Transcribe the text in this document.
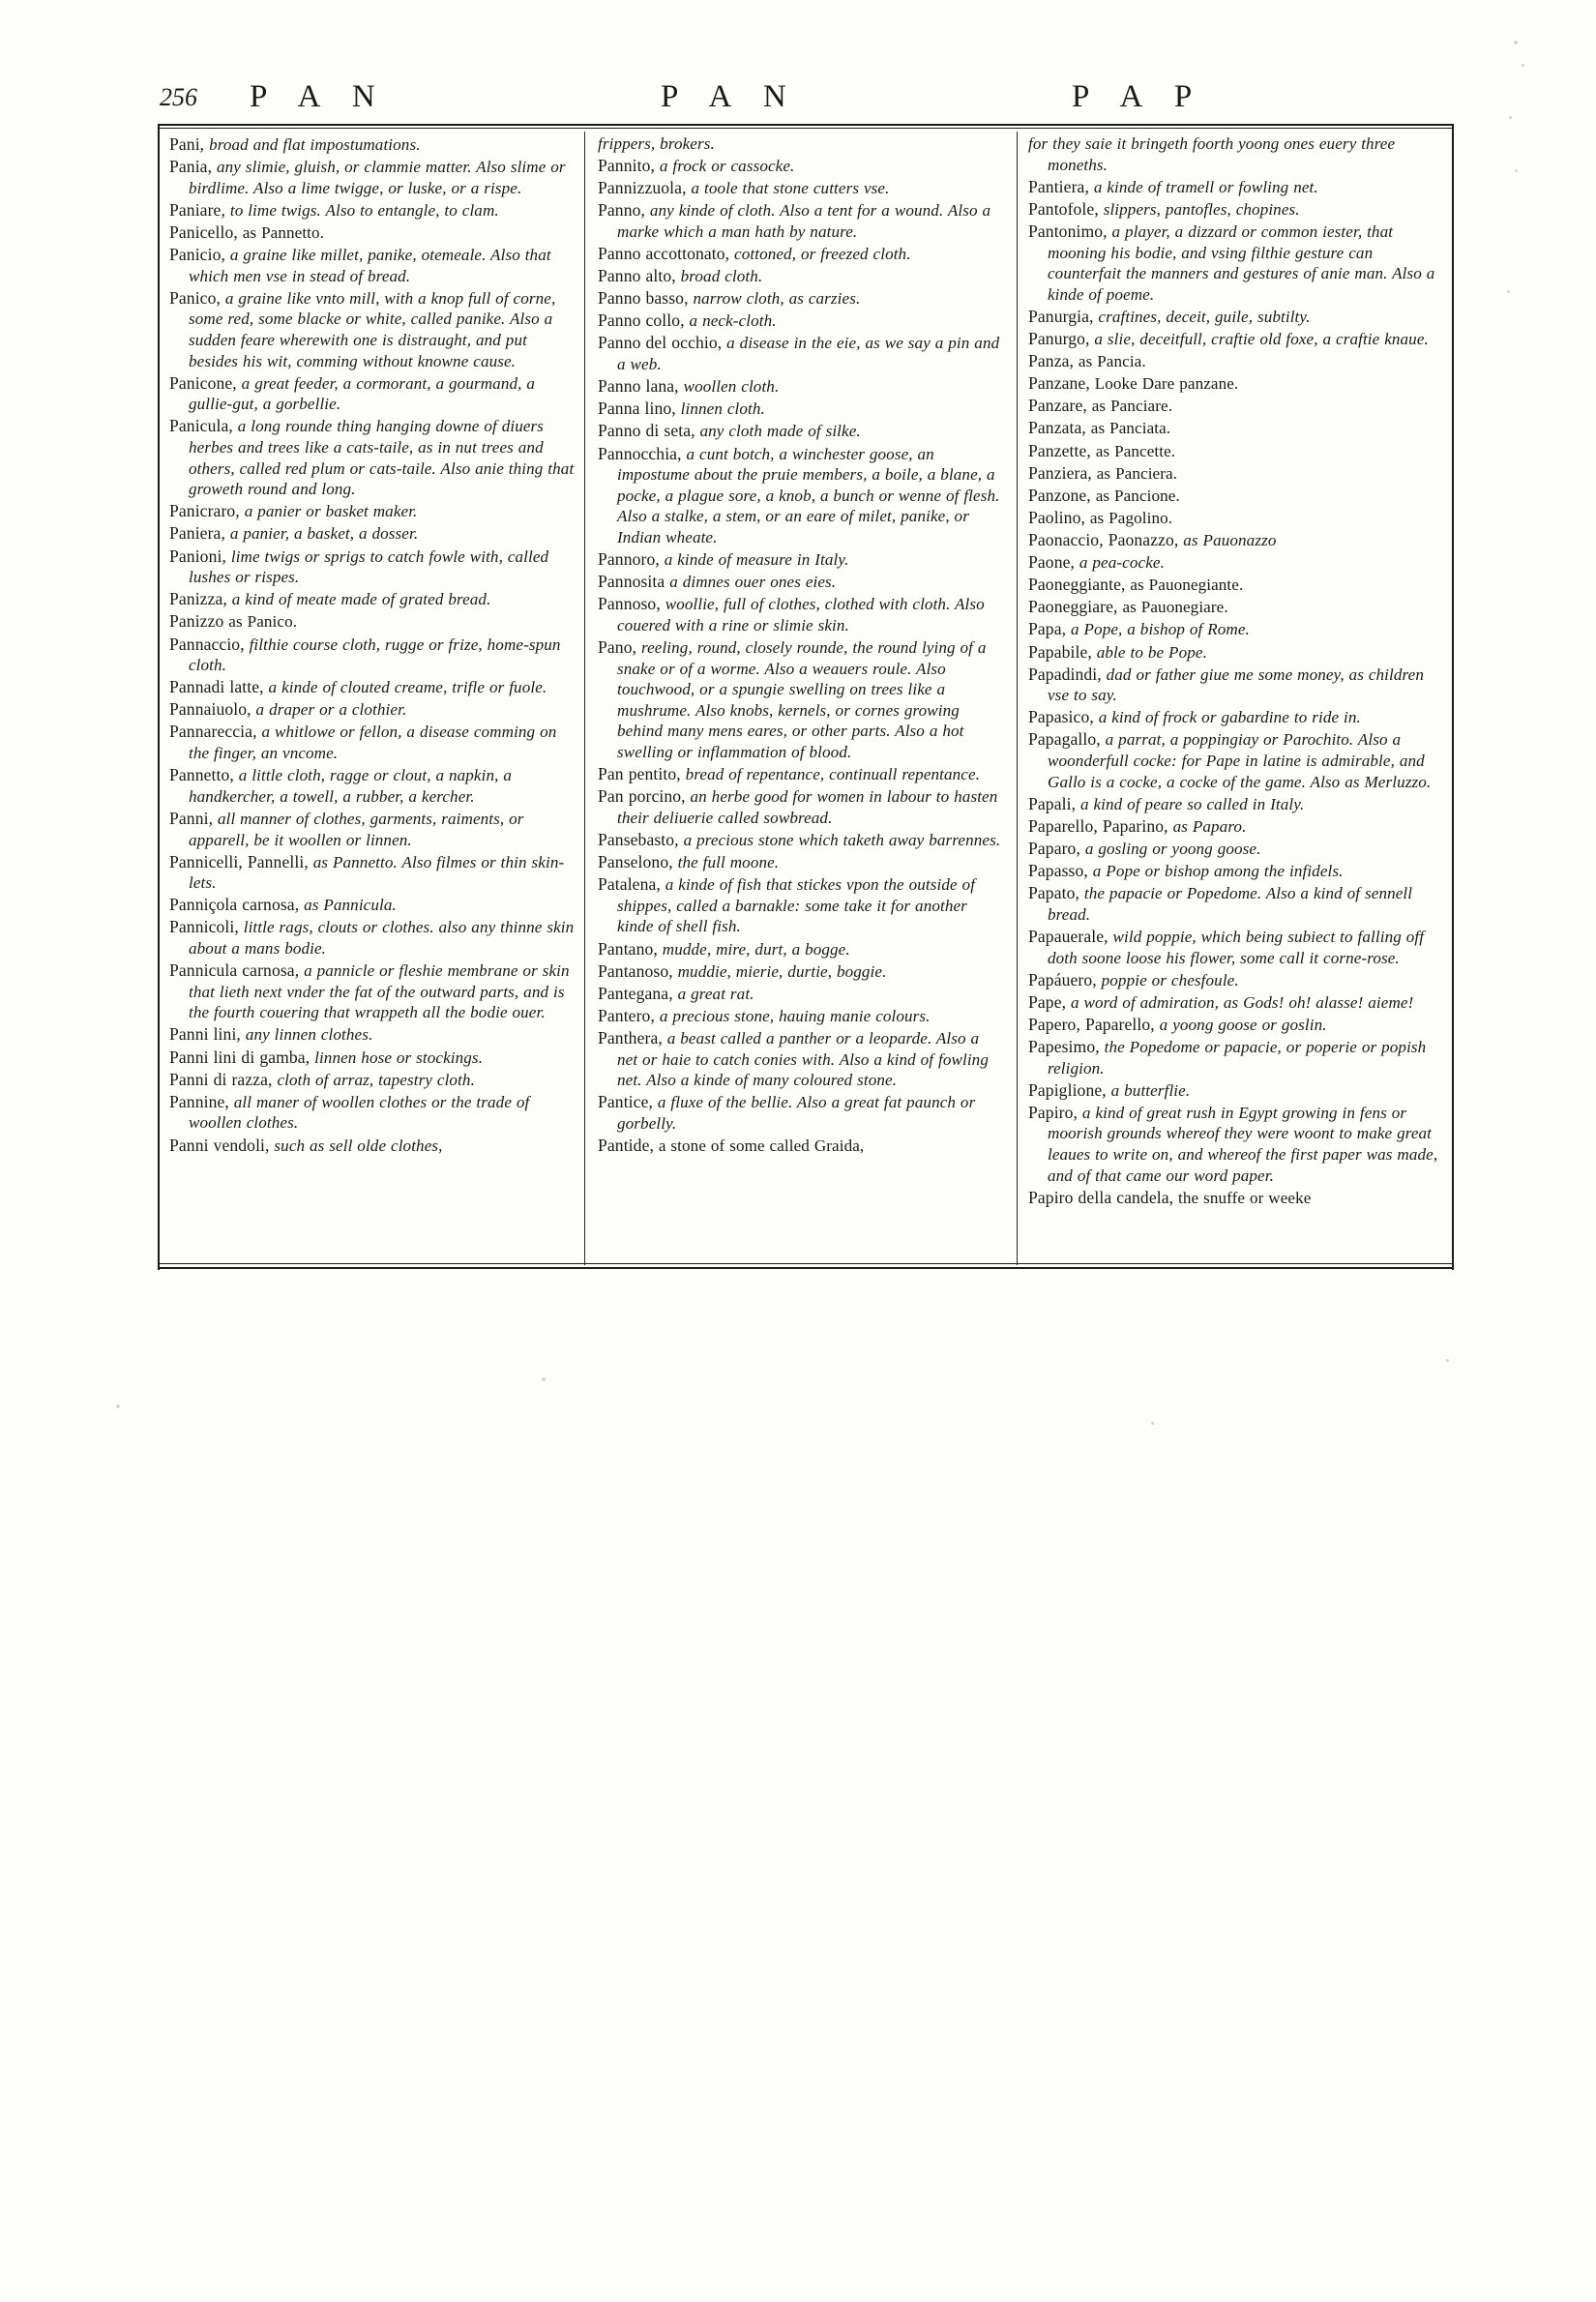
256 P A N	P A N	P A P
Pani, broad and flat impostumations.
Pania, any slimie, gluish, or clammie matter. Also slime or birdlime. Also a lime twigge, or luske, or a rispe.
Paniare, to lime twigs. Also to entangle, to clam.
Panicello, as Pannetto.
Panicio, a graine like millet, panike, otemeale. Also that which men vse in stead of bread.
Panico, a graine like vnto mill, with a knop full of corne, some red, some blacke or white, called panike. Also a sudden feare wherewith one is distraught, and put besides his wit, comming without knowne cause.
Panicone, a great feeder, a cormorant, a gourmand, a gullie-gut, a gorbellie.
Panicula, a long rounde thing hanging downe of diuers herbes and trees like a cats-taile, as in nut trees and others, called red plum or cats-taile. Also anie thing that groweth round and long.
Panicraro, a panier or basket maker.
Paniera, a panier, a basket, a dosser.
Panioni, lime twigs or sprigs to catch fowle with, called lushes or rispes.
Panizza, a kind of meate made of grated bread.
Panizzo as Panico.
Pannaccio, filthie course cloth, rugge or frize, home-spun cloth.
Pannadi latte, a kinde of clouted creame, trifle or fuole.
Pannaiuolo, a draper or a clothier.
Pannareccia, a whitlowe or fellon, a disease comming on the finger, an vncome.
Pannetto, a little cloth, ragge or clout, a napkin, a handkercher, a towell, a rubber, a kercher.
Panni, all manner of clothes, garments, raiments, or apparell, be it woollen or linnen.
Pannicelli, Pannelli, as Pannetto. Also filmes or thin skin-lets.
Panniçola carnosa, as Pannicula.
Pannicoli, little rags, clouts or clothes. also any thinne skin about a mans bodie.
Pannicula carnosa, a pannicle or fleshie membrane or skin that lieth next vnder the fat of the outward parts, and is the fourth couering that wrappeth all the bodie ouer.
Panni lini, any linnen clothes.
Panni lini di gamba, linnen hose or stockings.
Panni di razza, cloth of arraz, tapestry cloth.
Pannine, all maner of woollen clothes or the trade of woollen clothes.
Panni vendoli, such as sell olde clothes,
frippers, brokers.
Pannito, a frock or cassocke.
Pannizzuola, a toole that stone cutters vse.
Panno, any kinde of cloth. Also a tent for a wound. Also a marke which a man hath by nature.
Panno accottonato, cottoned, or freezed cloth.
Panno alto, broad cloth.
Panno basso, narrow cloth, as carzies.
Panno collo, a neck-cloth.
Panno del occhio, a disease in the eie, as we say a pin and a web.
Panno lana, woollen cloth.
Panna lino, linnen cloth.
Panno di seta, any cloth made of silke.
Pannocchia, a cunt botch, a winchester goose, an impostume about the pruie members, a boile, a blane, a pocke, a plague sore, a knob, a bunch or wenne of flesh. Also a stalke, a stem, or an eare of milet, panike, or Indian wheate.
Pannoro, a kinde of measure in Italy.
Pannosita a dimnes ouer ones eies.
Pannoso, woollie, full of clothes, clothed with cloth. Also couered with a rine or slimie skin.
Pano, reeling, round, closely rounde, the round lying of a snake or of a worme. Also a weauers roule. Also touchwood, or a spungie swelling on trees like a mushrume. Also knobs, kernels, or cornes growing behind many mens eares, or other parts. Also a hot swelling or inflammation of blood.
Pan pentito, bread of repentance, continuall repentance.
Pan porcino, an herbe good for women in labour to hasten their deliuerie called sowbread.
Pansebasto, a precious stone which taketh away barrennes.
Panselono, the full moone.
Patalena, a kinde of fish that stickes vpon the outside of shippes, called a barnakle: some take it for another kinde of shell fish.
Pantano, mudde, mire, durt, a bogge.
Pantanoso, muddie, mierie, durtie, boggie.
Pantegana, a great rat.
Pantero, a precious stone, hauing manie colours.
Panthera, a beast called a panther or a leoparde. Also a net or haie to catch conies with. Also a kind of fowling net. Also a kinde of many coloured stone.
Pantice, a fluxe of the bellie. Also a great fat paunch or gorbelly.
Pantide, a stone of some called Graida,
for they saie it bringeth foorth yoong ones euery three moneths.
Pantiera, a kinde of tramell or fowling net.
Pantofole, slippers, pantofles, chopines.
Pantonimo, a player, a dizzard or common iester, that mooning his bodie, and vsing filthie gesture can counterfait the manners and gestures of anie man. Also a kinde of poeme.
Panurgia, craftines, deceit, guile, subtilty.
Panurgo, a slie, deceitfull, craftie old foxe, a craftie knaue.
Panza, as Pancia.
Panzane, Looke Dare panzane.
Panzare, as Panciare.
Panzata, as Panciata.
Panzette, as Pancette.
Panziera, as Panciera.
Panzone, as Pancione.
Paolino, as Pagolino.
Paonaccio, Paonazzo, as Pauonazzo
Paone, a pea-cocke.
Paoneggiante, as Pauonegiante.
Paoneggiare, as Pauonegiare.
Papa, a Pope, a bishop of Rome.
Papabile, able to be Pope.
Papadindi, dad or father giue me some money, as children vse to say.
Papasico, a kind of frock or gabardine to ride in.
Papagallo, a parrat, a poppingiay or Parochito. Also a woonderfull cocke: for Pape in latine is admirable, and Gallo is a cocke, a cocke of the game. Also as Merluzzo.
Papali, a kind of peare so called in Italy.
Paparello, Paparino, as Paparo.
Paparo, a gosling or yoong goose.
Papasso, a Pope or bishop among the infidels.
Papato, the papacie or Popedome. Also a kind of sennell bread.
Papauerale, wild poppie, which being subiect to falling off doth soone loose his flower, some call it corne-rose.
Papáuero, poppie or chesfoule.
Pape, a word of admiration, as Gods! oh! alasse! aieme!
Papero, Paparello, a yoong goose or goslin.
Papesimo, the Popedome or papacie, or poperie or popish religion.
Papiglione, a butterflie.
Papiro, a kind of great rush in Egypt growing in fens or moorish grounds whereof they were woont to make great leaues to write on, and whereof the first paper was made, and of that came our word paper.
Papiro della candela, the snuffe or weeke
